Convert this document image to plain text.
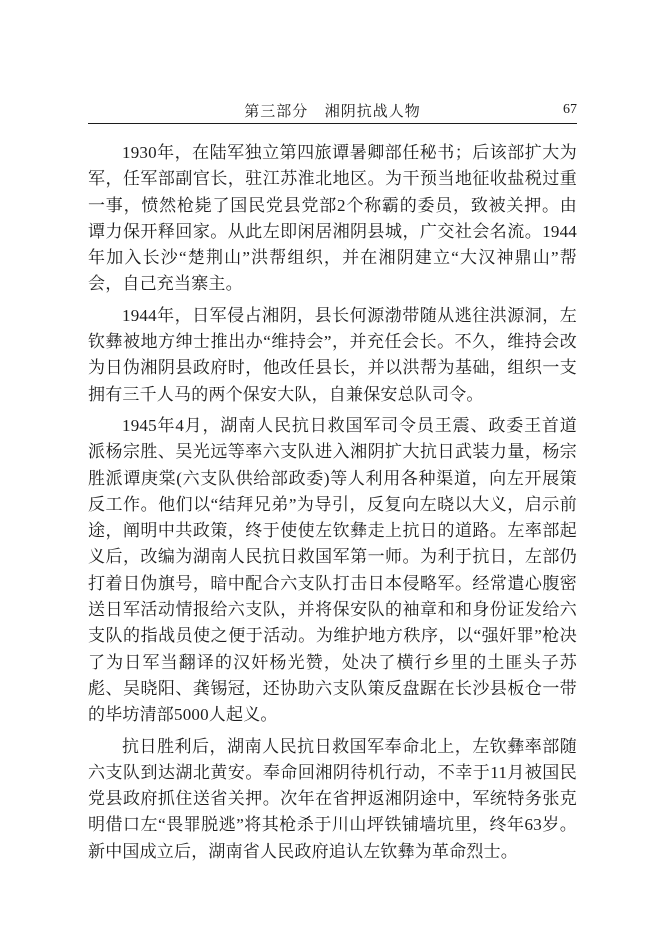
第三部分 湘阴抗战人物	67

1930年，在陆军独立第四旅谭暑卿部任秘书；后该部扩大为军，任军部副官长，驻江苏淮北地区。为干预当地征收盐税过重一事，愤然枪毙了国民党县党部2个称霸的委员，致被关押。由谭力保开释回家。从此左即闲居湘阴县城，广交社会名流。1944年加入长沙“楚荆山”洪帮组织，并在湘阴建立“大汉神鼎山”帮会，自己充当寨主。

1944年，日军侵占湘阴，县长何源渤带随从逃往洪源洞，左钦彝被地方绅士推出办“维持会”，并充任会长。不久，维持会改为日伪湘阴县政府时，他改任县长，并以洪帮为基础，组织一支拥有三千人马的两个保安大队，自兼保安总队司令。

1945年4月，湖南人民抗日救国军司令员王震、政委王首道派杨宗胜、吴光远等率六支队进入湘阴扩大抗日武装力量，杨宗胜派谭庚棠(六支队供给部政委)等人利用各种渠道，向左开展策反工作。他们以“结拜兄弟”为导引，反复向左晓以大义，启示前途，阐明中共政策，终于使使左钦彝走上抗日的道路。左率部起义后，改编为湖南人民抗日救国军第一师。为利于抗日，左部仍打着日伪旗号，暗中配合六支队打击日本侵略军。经常遣心腹密送日军活动情报给六支队，并将保安队的袖章和和身份证发给六支队的指战员使之便于活动。为维护地方秩序，以“强奸罪”枪决了为日军当翻译的汉奸杨光赞，处决了横行乡里的土匪头子苏彪、吴晓阳、龚锡冠，还协助六支队策反盘踞在长沙县板仓一带的毕坊清部5000人起义。

抗日胜利后，湖南人民抗日救国军奉命北上，左钦彝率部随六支队到达湖北黄安。奉命回湘阴待机行动，不幸于11月被国民党县政府抓住送省关押。次年在省押返湘阴途中，军统特务张克明借口左“畏罪脱逃”将其枪杀于川山坪铁铺墙坑里，终年63岁。新中国成立后，湖南省人民政府追认左钦彝为革命烈士。
